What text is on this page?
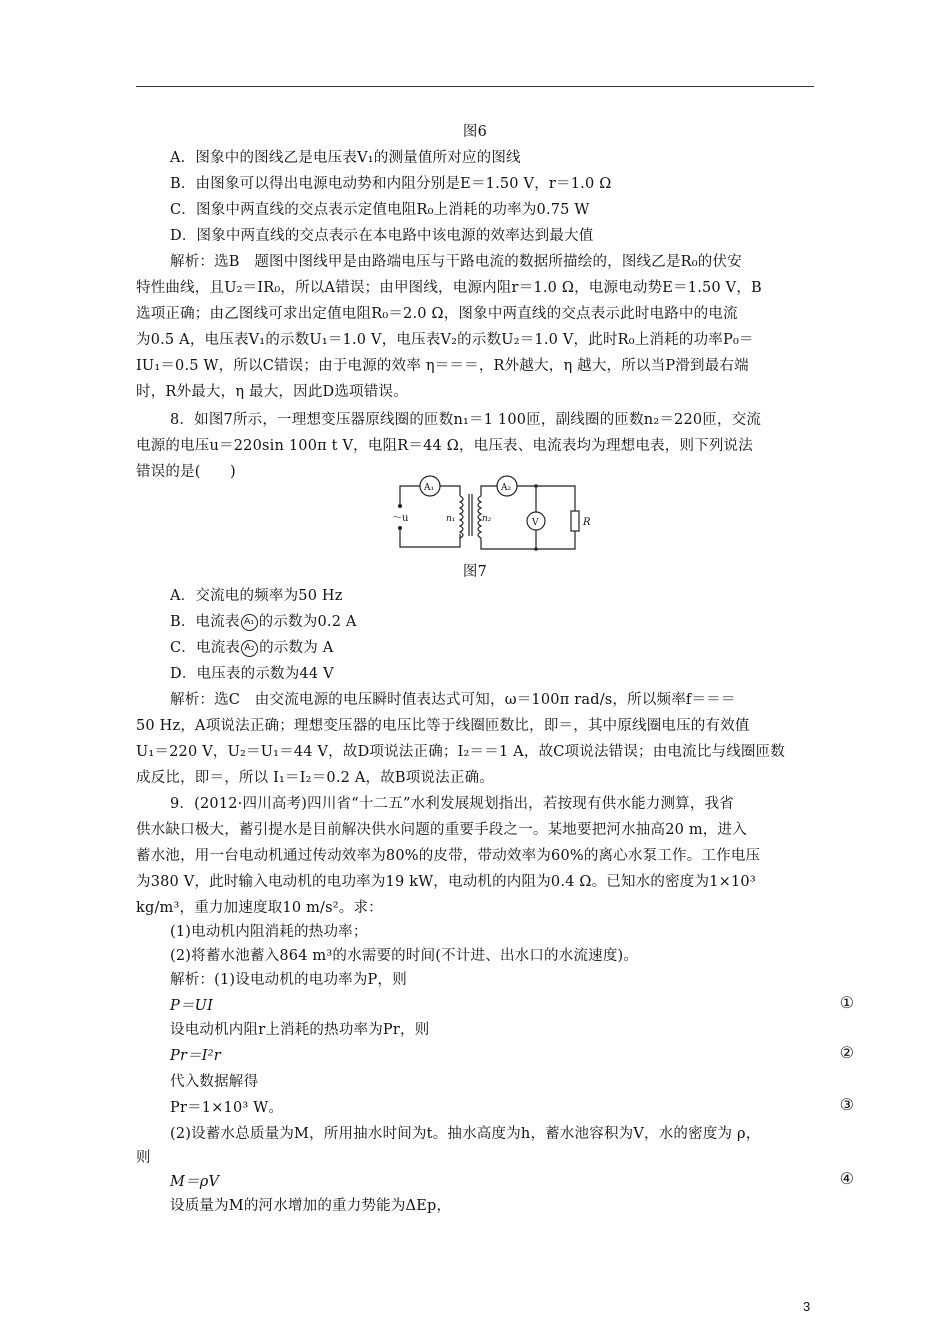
图6
A．图象中的图线乙是电压表V₁的测量值所对应的图线
B．由图象可以得出电源电动势和内阻分别是E＝1.50 V，r＝1.0 Ω
C．图象中两直线的交点表示定值电阻R₀上消耗的功率为0.75 W
D．图象中两直线的交点表示在本电路中该电源的效率达到最大值
解析：选B　题图中图线甲是由路端电压与干路电流的数据所描绘的，图线乙是R₀的伏安
特性曲线，且U₂＝IR₀，所以A错误；由甲图线，电源内阻r＝1.0 Ω，电源电动势E＝1.50 V，B
选项正确；由乙图线可求出定值电阻R₀＝2.0 Ω，图象中两直线的交点表示此时电路中的电流
为0.5 A，电压表V₁的示数U₁＝1.0 V，电压表V₂的示数U₂＝1.0 V，此时R₀上消耗的功率P₀＝
IU₁＝0.5 W，所以C错误；由于电源的效率 η＝＝＝，R外越大，η 越大，所以当P滑到最右端
时，R外最大，η 最大，因此D选项错误。
8．如图7所示，一理想变压器原线圈的匝数n₁＝1 100匝，副线圈的匝数n₂＝220匝，交流
电源的电压u＝220sin 100π t V，电阻R＝44 Ω，电压表、电流表均为理想电表，则下列说法
错误的是(　　)
～u
A₁	A₂
V
n₁	n₂	R
图7
A．交流电的频率为50 Hz
B．电流表 A₁ 的示数为0.2 A
C．电流表 A₂ 的示数为 A
D．电压表的示数为44 V
解析：选C　由交流电源的电压瞬时值表达式可知，ω＝100π rad/s，所以频率f＝＝＝
50 Hz，A项说法正确；理想变压器的电压比等于线圈匝数比，即＝，其中原线圈电压的有效值
U₁＝220 V，U₂＝U₁＝44 V，故D项说法正确；I₂＝＝1 A，故C项说法错误；由电流比与线圈匝数
成反比，即＝，所以 I₁＝I₂＝0.2 A，故B项说法正确。
9．(2012·四川高考)四川省“十二五”水利发展规划指出，若按现有供水能力测算，我省
供水缺口极大，蓄引提水是目前解决供水问题的重要手段之一。某地要把河水抽高20 m，进入
蓄水池，用一台电动机通过传动效率为80%的皮带，带动效率为60%的离心水泵工作。工作电压
为380 V，此时输入电动机的电功率为19 kW，电动机的内阻为0.4 Ω。已知水的密度为1×10³
kg/m³，重力加速度取10 m/s²。求：
(1)电动机内阻消耗的热功率；
(2)将蓄水池蓄入864 m³的水需要的时间(不计进、出水口的水流速度)。
解析：(1)设电动机的电功率为P，则
P＝UI	①
设电动机内阻r上消耗的热功率为Pr，则
Pr＝I²r	②
代入数据解得
Pr＝1×10³ W。	③
(2)设蓄水总质量为M，所用抽水时间为t。抽水高度为h，蓄水池容积为V，水的密度为 ρ，
则
M＝ρV	④
设质量为M的河水增加的重力势能为ΔEp，
3
